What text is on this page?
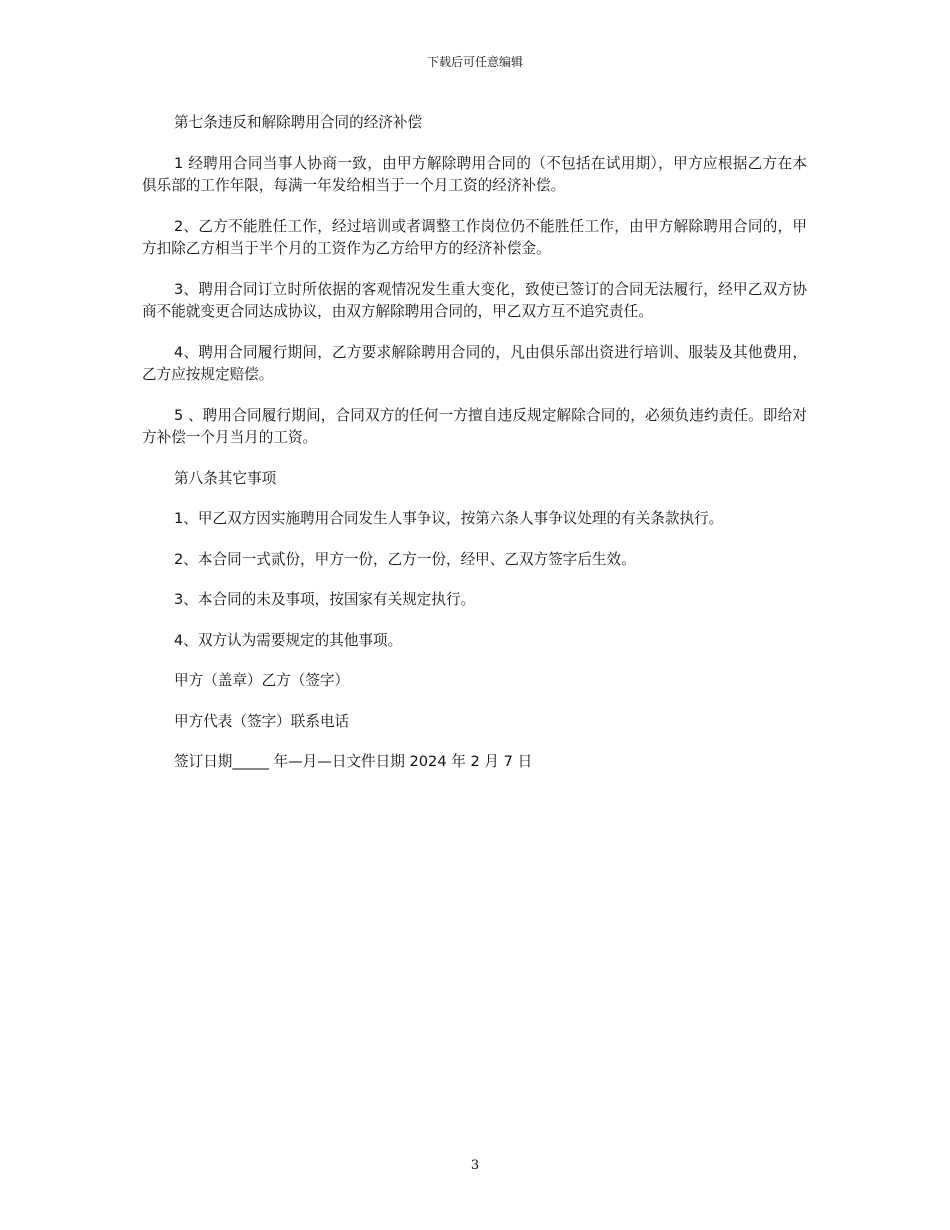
下载后可任意编辑

第七条违反和解除聘用合同的经济补偿

1 经聘用合同当事人协商一致，由甲方解除聘用合同的（不包括在试用期），甲方应根据乙方在本俱乐部的工作年限，每满一年发给相当于一个月工资的经济补偿。

2、乙方不能胜任工作，经过培训或者调整工作岗位仍不能胜任工作，由甲方解除聘用合同的，甲方扣除乙方相当于半个月的工资作为乙方给甲方的经济补偿金。

3、聘用合同订立时所依据的客观情况发生重大变化，致使已签订的合同无法履行，经甲乙双方协商不能就变更合同达成协议，由双方解除聘用合同的，甲乙双方互不追究责任。

4、聘用合同履行期间，乙方要求解除聘用合同的，凡由俱乐部出资进行培训、服装及其他费用，乙方应按规定赔偿。

5 、聘用合同履行期间，合同双方的任何一方擅自违反规定解除合同的，必须负违约责任。即给对方补偿一个月当月的工资。

第八条其它事项

1、甲乙双方因实施聘用合同发生人事争议，按第六条人事争议处理的有关条款执行。

2、本合同一式贰份，甲方一份，乙方一份，经甲、乙双方签字后生效。

3、本合同的未及事项，按国家有关规定执行。

4、双方认为需要规定的其他事项。

甲方（盖章）乙方（签字）

甲方代表（签字）联系电话

签订日期_____ 年—月—日文件日期 2024 年 2 月 7 日

3
